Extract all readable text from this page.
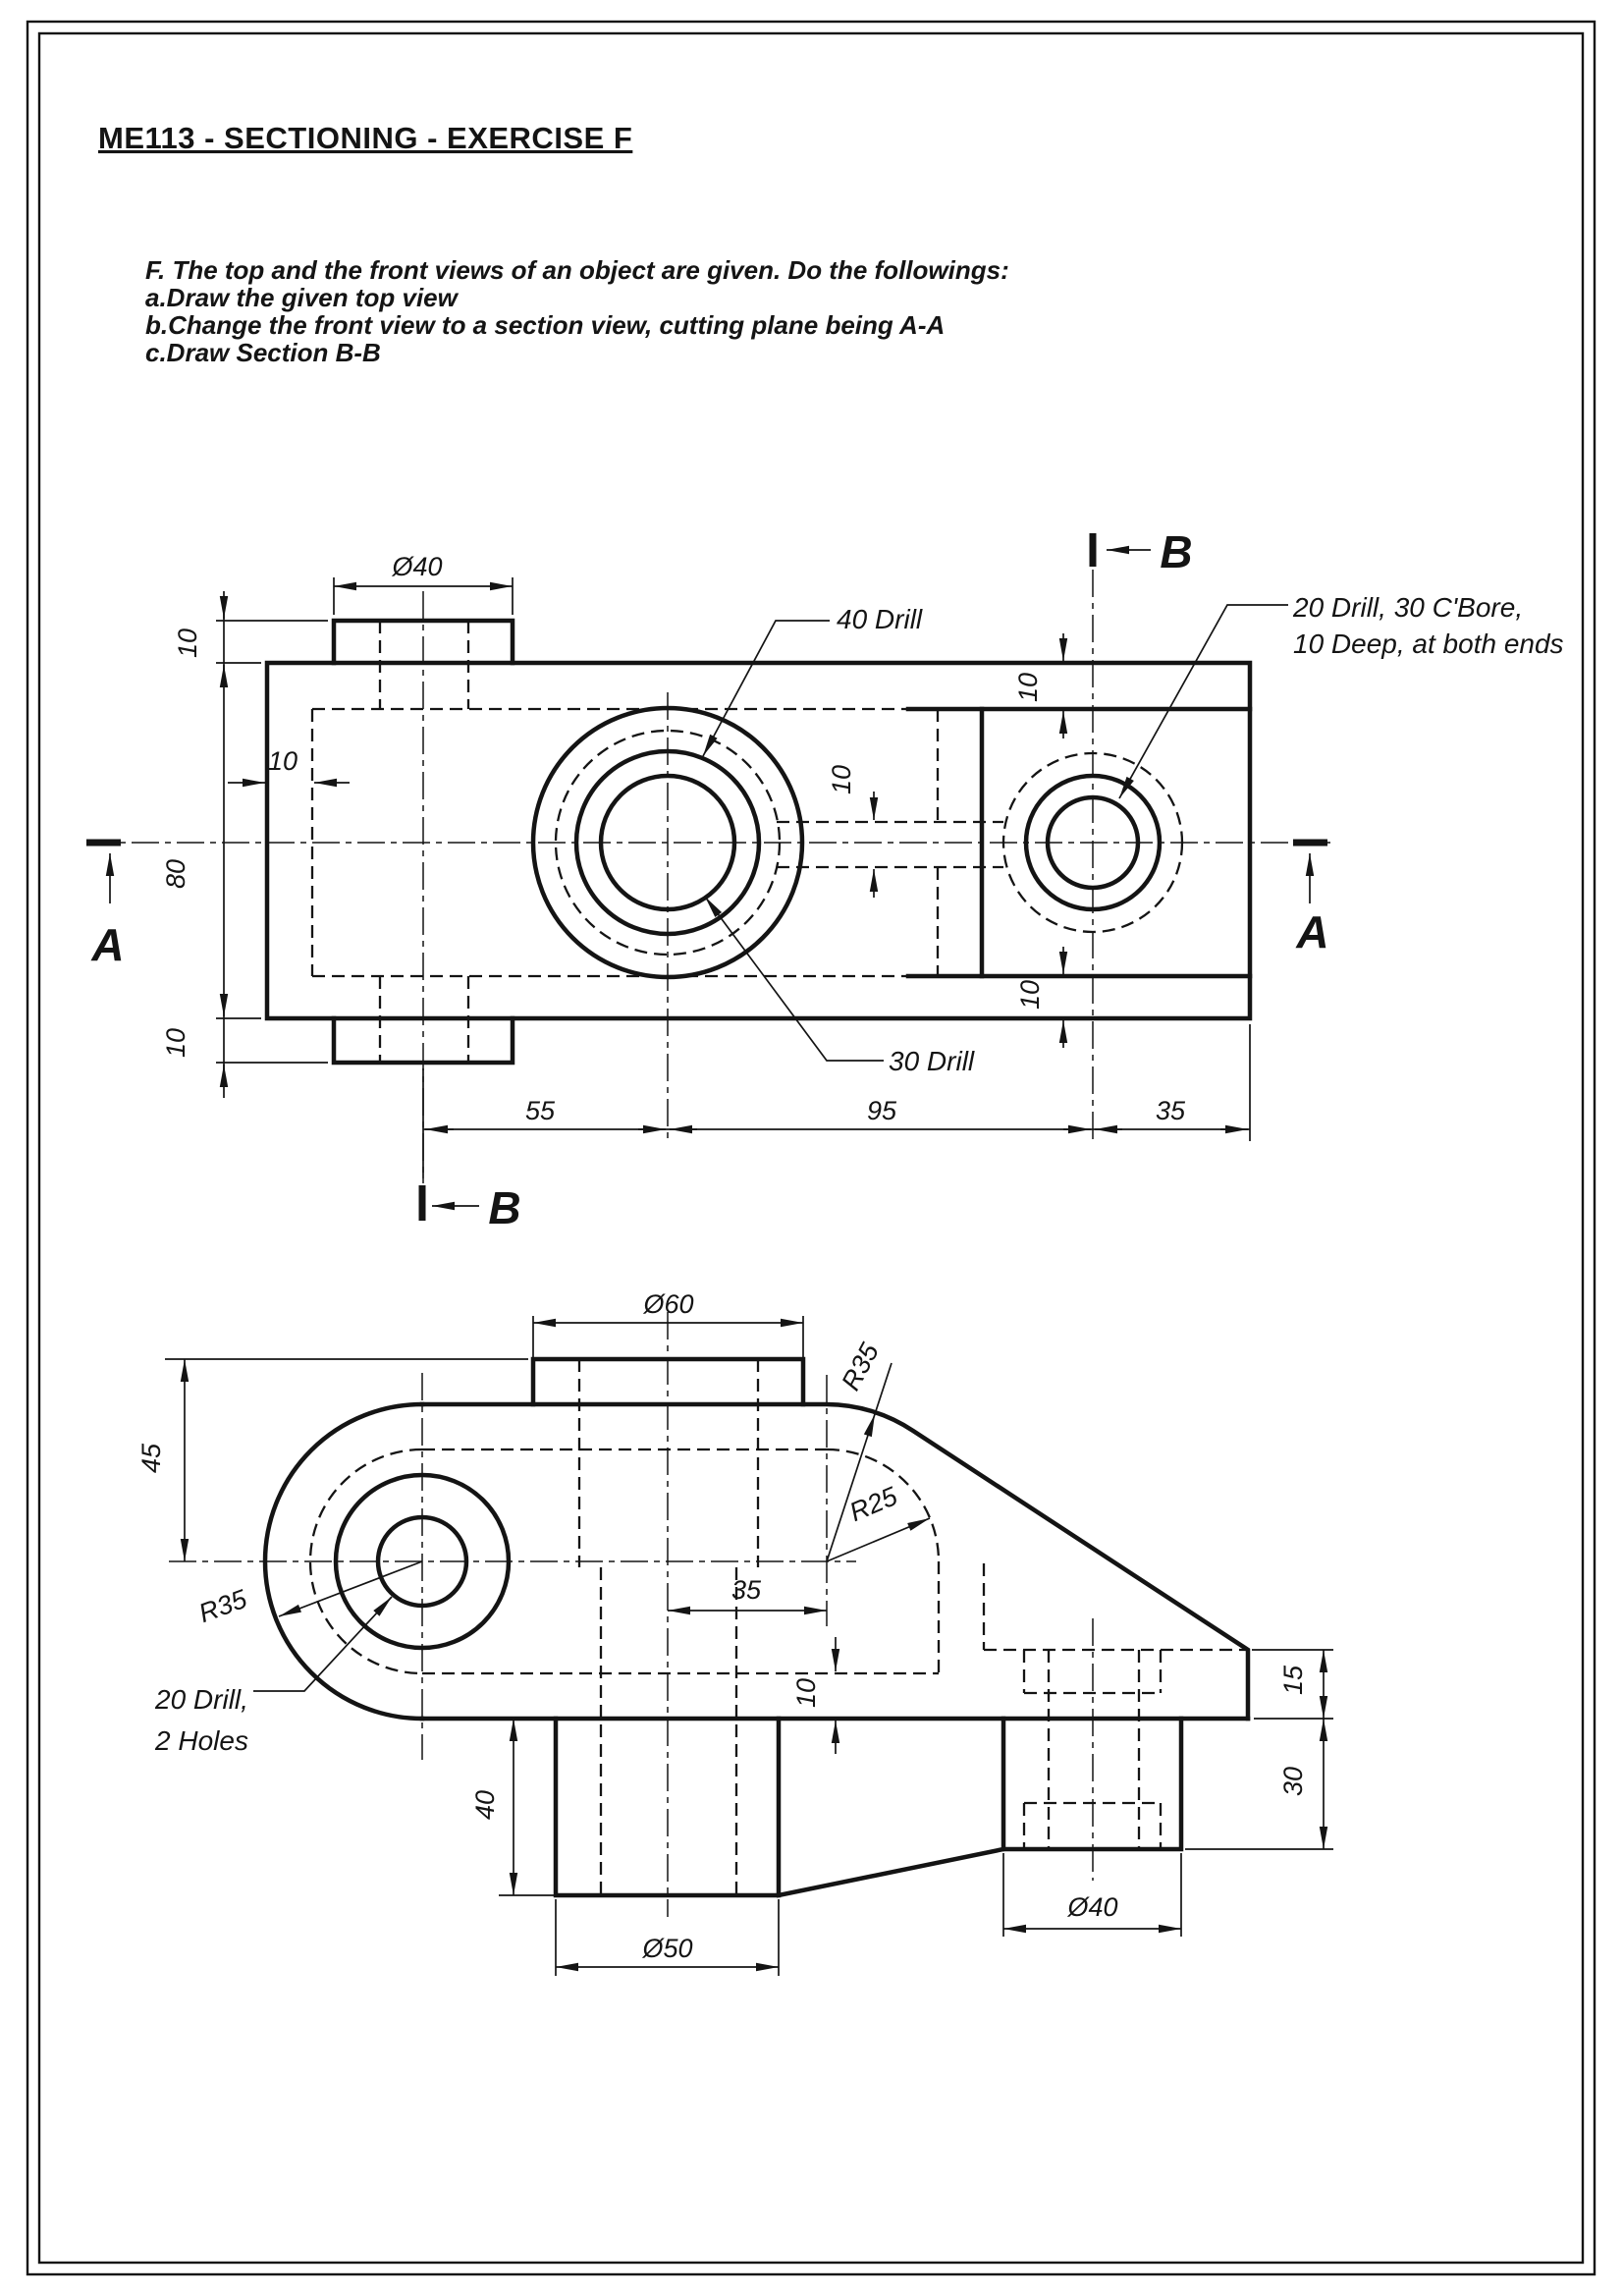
ME113 - SECTIONING - EXERCISE F
F. The top and the front views of an object are given. Do the followings:
a.Draw the given top view
b.Change the front view to a section view, cutting plane being A-A
c.Draw Section B-B
Ø40
10
10
80
10
55	95	35
10
10
10
40 Drill
30 Drill
20 Drill, 30 C'Bore,
10 Deep, at both ends
A	A
B
B
Ø60
45
R35
R25
R35
20 Drill,
2 Holes
35
10
40
Ø50
Ø40
15
30
